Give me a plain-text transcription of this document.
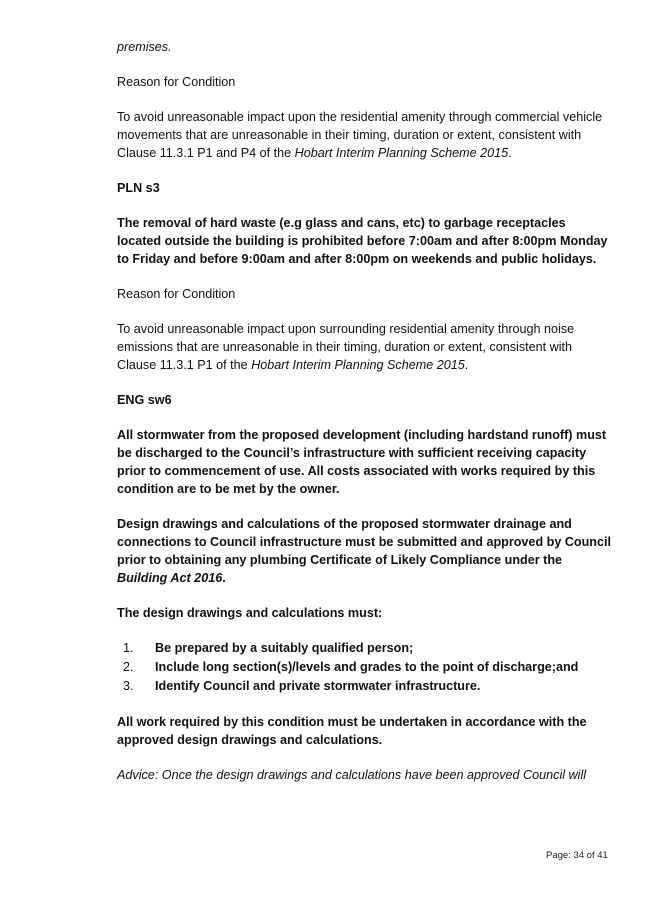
premises.

Reason for Condition

To avoid unreasonable impact upon the residential amenity through commercial vehicle movements that are unreasonable in their timing, duration or extent, consistent with Clause 11.3.1 P1 and P4 of the Hobart Interim Planning Scheme 2015.

PLN s3

The removal of hard waste (e.g glass and cans, etc) to garbage receptacles located outside the building is prohibited before 7:00am and after 8:00pm Monday to Friday and before 9:00am and after 8:00pm on weekends and public holidays.

Reason for Condition

To avoid unreasonable impact upon surrounding residential amenity through noise emissions that are unreasonable in their timing, duration or extent, consistent with Clause 11.3.1 P1 of the Hobart Interim Planning Scheme 2015.

ENG sw6

All stormwater from the proposed development (including hardstand runoff) must be discharged to the Council’s infrastructure with sufficient receiving capacity prior to commencement of use. All costs associated with works required by this condition are to be met by the owner.

Design drawings and calculations of the proposed stormwater drainage and connections to Council infrastructure must be submitted and approved by Council prior to obtaining any plumbing Certificate of Likely Compliance under the Building Act 2016.

The design drawings and calculations must:

1.	Be prepared by a suitably qualified person;
2.	Include long section(s)/levels and grades to the point of discharge;and
3.	Identify Council and private stormwater infrastructure.

All work required by this condition must be undertaken in accordance with the approved design drawings and calculations.

Advice: Once the design drawings and calculations have been approved Council will

Page: 34 of 41
